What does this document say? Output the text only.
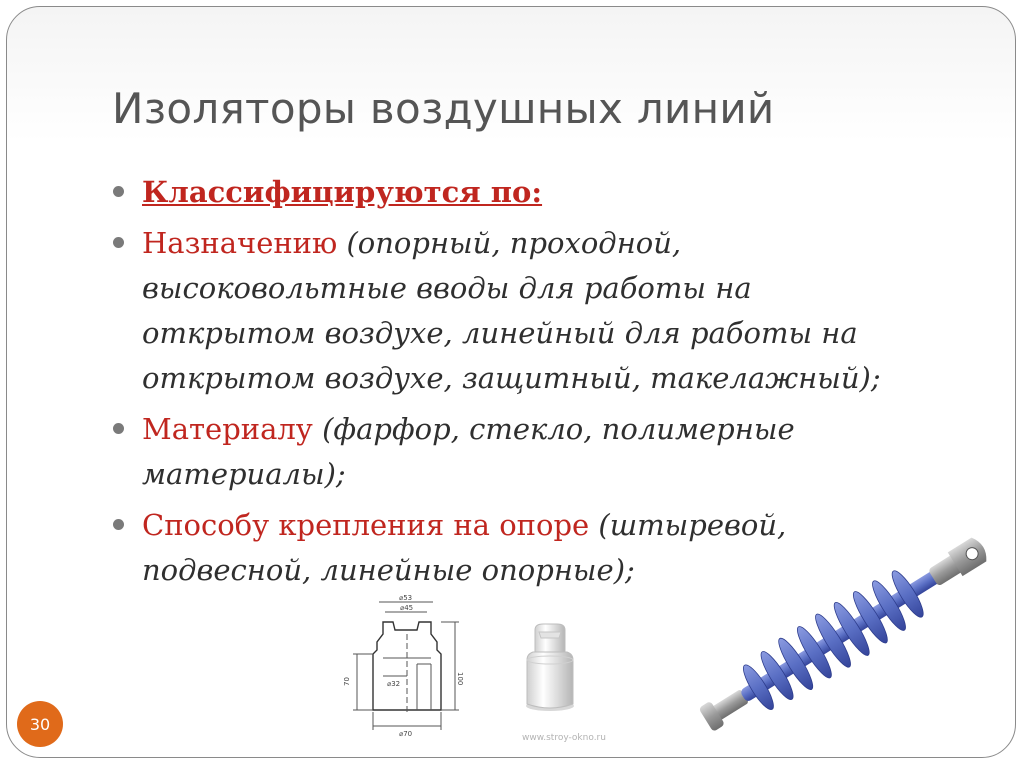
Изоляторы воздушных линий
Классифицируются по:
Назначению (опорный, проходной, высоковольтные вводы для работы на открытом воздухе, линейный для работы на открытом воздухе, защитный, такелажный);
Материалу (фарфор, стекло, полимерные материалы);
Способу крепления на опоре (штыревой, подвесной, линейные опорные);
⌀53
⌀45
⌀32
⌀70
100
70
www.stroy-okno.ru
30
